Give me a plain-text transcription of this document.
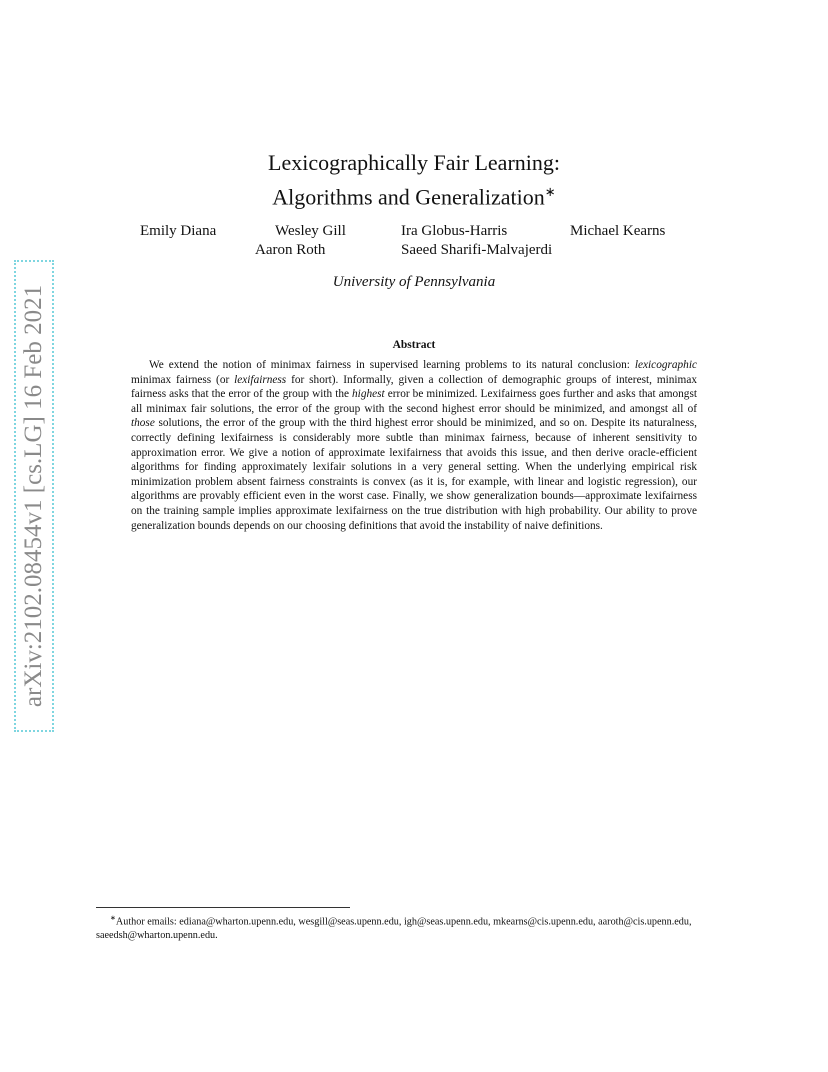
arXiv:2102.08454v1 [cs.LG] 16 Feb 2021
Lexicographically Fair Learning:
Algorithms and Generalization∗
Emily Diana	Wesley Gill	Ira Globus-Harris	Michael Kearns
Aaron Roth	Saeed Sharifi-Malvajerdi
University of Pennsylvania
Abstract

We extend the notion of minimax fairness in supervised learning problems to its natural conclusion: lexicographic minimax fairness (or lexifairness for short). Informally, given a collection of demographic groups of interest, minimax fairness asks that the error of the group with the highest error be minimized. Lexifairness goes further and asks that amongst all minimax fair solutions, the error of the group with the second highest error should be minimized, and amongst all of those solutions, the error of the group with the third highest error should be minimized, and so on. Despite its naturalness, correctly defining lexifairness is considerably more subtle than minimax fairness, because of inherent sensitivity to approximation error. We give a notion of approximate lexifairness that avoids this issue, and then derive oracle-efficient algorithms for finding approximately lexifair solutions in a very general setting. When the underlying empirical risk minimization problem absent fairness constraints is convex (as it is, for example, with linear and logistic regression), our algorithms are provably efficient even in the worst case. Finally, we show generalization bounds—approximate lexifairness on the training sample implies approximate lexifairness on the true distribution with high probability. Our ability to prove generalization bounds depends on our choosing definitions that avoid the instability of naive definitions.

∗Author emails: ediana@wharton.upenn.edu, wesgill@seas.upenn.edu, igh@seas.upenn.edu, mkearns@cis.upenn.edu, aaroth@cis.upenn.edu, saeedsh@wharton.upenn.edu.
